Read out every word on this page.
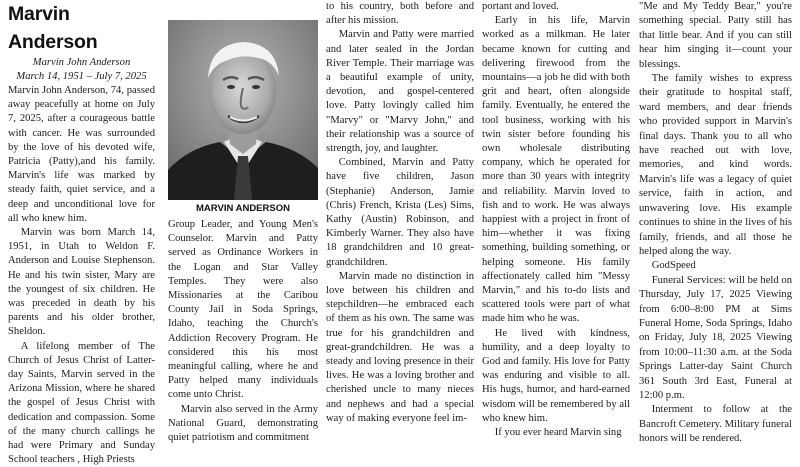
Marvin Anderson
Marvin John Anderson
March 14, 1951 – July 7, 2025

Marvin John Anderson, 74, passed away peacefully at home on July 7, 2025, after a courageous battle with cancer. He was surrounded by the love of his devoted wife, Patricia (Patty),and his family. Marvin's life was marked by steady faith, quiet service, and a deep and unconditional love for all who knew him.

Marvin was born March 14, 1951, in Utah to Weldon F. Anderson and Louise Stephenson. He and his twin sister, Mary are the youngest of six children. He was preceded in death by his parents and his older brother, Sheldon.

A lifelong member of The Church of Jesus Christ of Latter-day Saints, Marvin served in the Arizona Mission, where he shared the gospel of Jesus Christ with dedication and compassion. Some of the many church callings he had were Primary and Sunday School teachers , High Priests

MARVIN ANDERSON

Group Leader, and Young Men's Counselor. Marvin and Patty served as Ordinance Workers in the Logan and Star Valley Temples. They were also Missionaries at the Caribou County Jail in Soda Springs, Idaho, teaching the Church's Addiction Recovery Program. He considered this his most meaningful calling, where he and Patty helped many individuals come unto Christ.

Marvin also served in the Army National Guard, demonstrating quiet patriotism and commitment

to his country, both before and after his mission.

Marvin and Patty were married and later sealed in the Jordan River Temple. Their marriage was a beautiful example of unity, devotion, and gospel-centered love. Patty lovingly called him "Marvy" or "Marvy John," and their relationship was a source of strength, joy, and laughter.

Combined, Marvin and Patty have five children, Jason (Stephanie) Anderson, Jamie (Chris) French, Krista (Les) Sims, Kathy (Austin) Robinson, and Kimberly Warner. They also have 18 grandchildren and 10 great-grandchildren.

Marvin made no distinction in love between his children and stepchildren—he embraced each of them as his own. The same was true for his grandchildren and great-grandchildren. He was a steady and loving presence in their lives. He was a loving brother and cherished uncle to many nieces and nephews and had a special way of making everyone feel im-

portant and loved.

Early in his life, Marvin worked as a milkman. He later became known for cutting and delivering firewood from the mountains—a job he did with both grit and heart, often alongside family. Eventually, he entered the tool business, working with his twin sister before founding his own wholesale distributing company, which he operated for more than 30 years with integrity and reliability. Marvin loved to fish and to work. He was always happiest with a project in front of him—whether it was fixing something, building something, or helping someone. His family affectionately called him "Messy Marvin," and his to-do lists and scattered tools were part of what made him who he was.

He lived with kindness, humility, and a deep loyalty to God and family. His love for Patty was enduring and visible to all. His hugs, humor, and hard-earned wisdom will be remembered by all who knew him.

If you ever heard Marvin sing

"Me and My Teddy Bear," you're something special. Patty still has that little bear. And if you can still hear him singing it—count your blessings.

The family wishes to express their gratitude to hospital staff, ward members, and dear friends who provided support in Marvin's final days. Thank you to all who have reached out with love, memories, and kind words. Marvin's life was a legacy of quiet service, faith in action, and unwavering love. His example continues to shine in the lives of his family, friends, and all those he helped along the way.

GodSpeed

Funeral Services: will be held on Thursday, July 17, 2025 Viewing from 6:00–8:00 PM at Sims Funeral Home, Soda Springs, Idaho on Friday, July 18, 2025 Viewing from 10:00–11:30 a.m. at the Soda Springs Latter-day Saint Church 361 South 3rd East, Funeral at 12:00 p.m.

Interment to follow at the Bancroft Cemetery. Military funeral honors will be rendered.
